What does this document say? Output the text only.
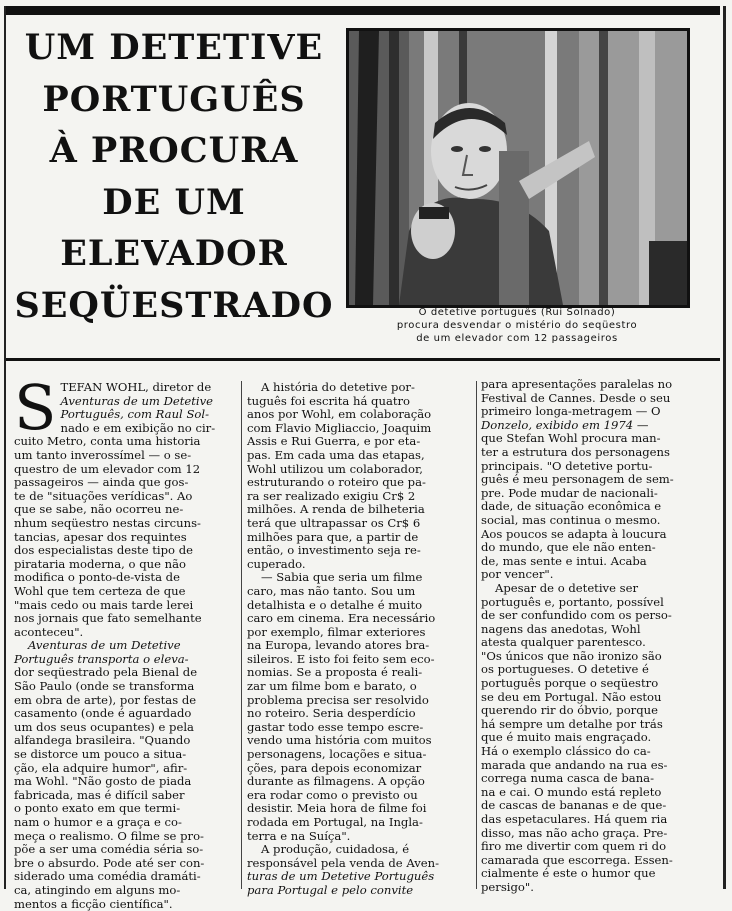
UM DETETIVE
PORTUGUÊS
À PROCURA
DE UM
ELEVADOR
SEQÜESTRADO	O detetive português (Rui Solnado)
procura desvendar o mistério do seqüestro
de um elevador com 12 passageiros
S TEFAN WOHL, diretor de
Aventuras de um Detetive
Português, com Raul Sol-
nado e em exibição no cir-
cuito Metro, conta uma historia
um tanto inverossímel — o se-
questro de um elevador com 12
passageiros — ainda que gos-
te de "situações verídicas". Ao
que se sabe, não ocorreu ne-
nhum seqüestro nestas circuns-
tancias, apesar dos requintes
dos especialistas deste tipo de
pirataria moderna, o que não
modifica o ponto-de-vista de
Wohl que tem certeza de que
"mais cedo ou mais tarde lerei
nos jornais que fato semelhante
aconteceu".
Aventuras de um Detetive
Português transporta o eleva-
dor seqüestrado pela Bienal de
São Paulo (onde se transforma
em obra de arte), por festas de
casamento (onde é aguardado
um dos seus ocupantes) e pela
alfandega brasileira. "Quando
se distorce um pouco a situa-
ção, ela adquire humor", afir-
ma Wohl. "Não gosto de piada
fabricada, mas é difícil saber
o ponto exato em que termi-
nam o humor e a graça e co-
meça o realismo. O filme se pro-
põe a ser uma comédia séria so-
bre o absurdo. Pode até ser con-
siderado uma comédia dramáti-
ca, atingindo em alguns mo-
mentos a ficção científica".
A história do detetive por-
tuguês foi escrita há quatro
anos por Wohl, em colaboração
com Flavio Migliaccio, Joaquim
Assis e Rui Guerra, e por eta-
pas. Em cada uma das etapas,
Wohl utilizou um colaborador,
estruturando o roteiro que pa-
ra ser realizado exigiu Cr$ 2
milhões. A renda de bilheteria
terá que ultrapassar os Cr$ 6
milhões para que, a partir de
então, o investimento seja re-
cuperado.
— Sabia que seria um filme
caro, mas não tanto. Sou um
detalhista e o detalhe é muito
caro em cinema. Era necessário
por exemplo, filmar exteriores
na Europa, levando atores bra-
sileiros. E isto foi feito sem eco-
nomias. Se a proposta é reali-
zar um filme bom e barato, o
problema precisa ser resolvido
no roteiro. Seria desperdício
gastar todo esse tempo escre-
vendo uma história com muitos
personagens, locações e situa-
ções, para depois economizar
durante as filmagens. A opção
era rodar como o previsto ou
desistir. Meia hora de filme foi
rodada em Portugal, na Ingla-
terra e na Suíça".
A produção, cuidadosa, é
responsável pela venda de Aven-
turas de um Detetive Português
para Portugal e pelo convite
para apresentações paralelas no
Festival de Cannes. Desde o seu
primeiro longa-metragem — O
Donzelo, exibido em 1974 —
que Stefan Wohl procura man-
ter a estrutura dos personagens
principais. "O detetive portu-
guês é meu personagem de sem-
pre. Pode mudar de nacionali-
dade, de situação econômica e
social, mas continua o mesmo.
Aos poucos se adapta à loucura
do mundo, que ele não enten-
de, mas sente e intui. Acaba
por vencer".
Apesar de o detetive ser
português e, portanto, possível
de ser confundido com os perso-
nagens das anedotas, Wohl
atesta qualquer parentesco.
"Os únicos que não ironizo são
os portugueses. O detetive é
português porque o seqüestro
se deu em Portugal. Não estou
querendo rir do óbvio, porque
há sempre um detalhe por trás
que é muito mais engraçado.
Há o exemplo clássico do ca-
marada que andando na rua es-
correga numa casca de bana-
na e cai. O mundo está repleto
de cascas de bananas e de que-
das espetaculares. Há quem ria
disso, mas não acho graça. Pre-
firo me divertir com quem ri do
camarada que escorrega. Essen-
cialmente é este o humor que
persigo".
